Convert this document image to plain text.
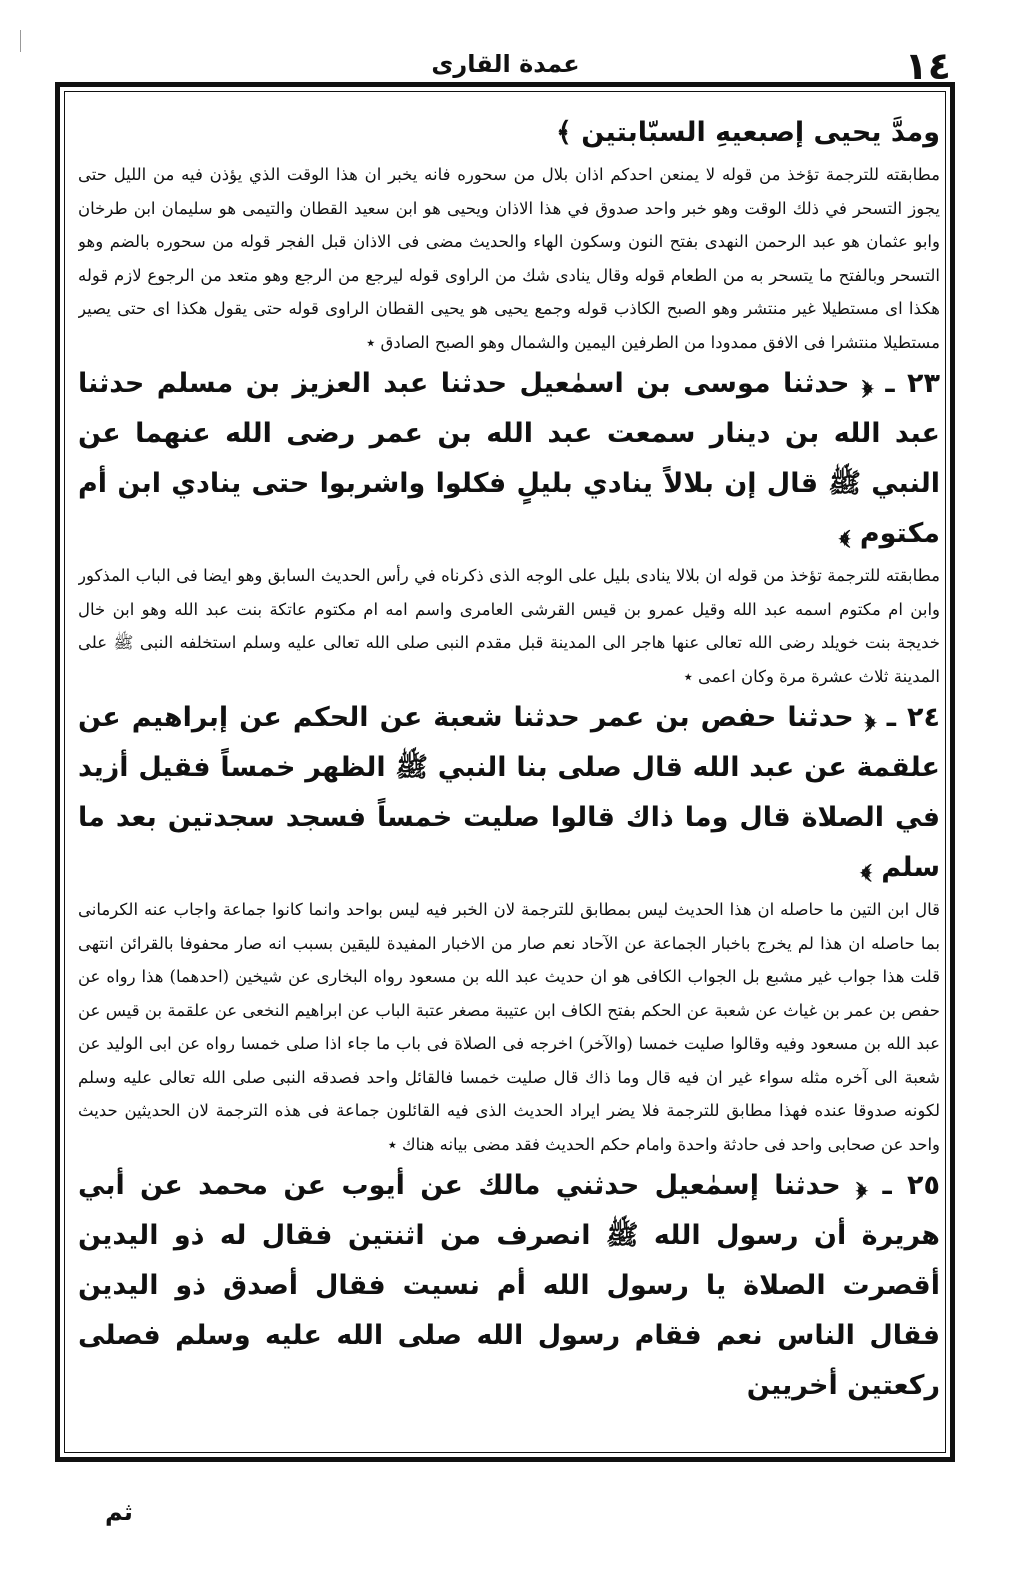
١٤
عمدة القاری

ومدَّ يحيى إصبعيهِ السبّابتين ﴾

مطابقته للترجمة تؤخذ من قوله لا يمنعن احدكم اذان بلال من سحوره فانه يخبر ان هذا الوقت الذي يؤذن فيه من الليل حتى يجوز التسحر في ذلك الوقت وهو خبر واحد صدوق في هذا الاذان ويحيى هو ابن سعيد القطان والتيمى هو سليمان ابن طرخان وابو عثمان هو عبد الرحمن النهدى بفتح النون وسكون الهاء والحديث مضى فى الاذان قبل الفجر قوله من سحوره بالضم وهو التسحر وبالفتح ما يتسحر به من الطعام قوله وقال ينادى شك من الراوى قوله ليرجع من الرجع وهو متعد من الرجوع لازم قوله هكذا اى مستطيلا غير منتشر وهو الصبح الكاذب قوله وجمع يحيى هو يحيى القطان الراوى قوله حتى يقول هكذا اى حتى يصير مستطيلا منتشرا فى الافق ممدودا من الطرفين اليمين والشمال وهو الصبح الصادق ٭

٢٣ ـ ﴿ حدثنا موسى بن اسمٰعيل حدثنا عبد العزيز بن مسلم حدثنا عبد الله بن دينار سمعت عبد الله بن عمر رضى الله عنهما عن النبي ﷺ قال إن بلالاً ينادي بليلٍ فكلوا واشربوا حتى ينادي ابن أم مكتوم ﴾

مطابقته للترجمة تؤخذ من قوله ان بلالا ينادى بليل على الوجه الذى ذكرناه في رأس الحديث السابق وهو ايضا فى الباب المذكور وابن ام مكتوم اسمه عبد الله وقيل عمرو بن قيس القرشى العامرى واسم امه ام مكتوم عاتكة بنت عبد الله وهو ابن خال خديجة بنت خويلد رضى الله تعالى عنها هاجر الى المدينة قبل مقدم النبى صلى الله تعالى عليه وسلم استخلفه النبى ﷺ على المدينة ثلاث عشرة مرة وكان اعمى ٭

٢٤ ـ ﴿ حدثنا حفص بن عمر حدثنا شعبة عن الحكم عن إبراهيم عن علقمة عن عبد الله قال صلى بنا النبي ﷺ الظهر خمساً فقيل أزيد في الصلاة قال وما ذاك قالوا صليت خمساً فسجد سجدتين بعد ما سلم ﴾

قال ابن التين ما حاصله ان هذا الحديث ليس بمطابق للترجمة لان الخبر فيه ليس بواحد وانما كانوا جماعة واجاب عنه الكرمانى بما حاصله ان هذا لم يخرج باخبار الجماعة عن الآحاد نعم صار من الاخبار المفيدة لليقين بسبب انه صار محفوفا بالقرائن انتهى قلت هذا جواب غير مشبع بل الجواب الكافى هو ان حديث عبد الله بن مسعود رواه البخارى عن شيخين (احدهما) هذا رواه عن حفص بن عمر بن غياث عن شعبة عن الحكم بفتح الكاف ابن عتيبة مصغر عتبة الباب عن ابراهيم النخعى عن علقمة بن قيس عن عبد الله بن مسعود وفيه وقالوا صليت خمسا (والآخر) اخرجه فى الصلاة فى باب ما جاء اذا صلى خمسا رواه عن ابى الوليد عن شعبة الى آخره مثله سواء غير ان فيه قال وما ذاك قال صليت خمسا فالقائل واحد فصدقه النبى صلى الله تعالى عليه وسلم لكونه صدوقا عنده فهذا مطابق للترجمة فلا يضر ايراد الحديث الذى فيه القائلون جماعة فى هذه الترجمة لان الحديثين حديث واحد عن صحابى واحد فى حادثة واحدة وامام حكم الحديث فقد مضى بيانه هناك ٭

٢٥ ـ ﴿ حدثنا إسمٰعيل حدثني مالك عن أيوب عن محمد عن أبي هريرة أن رسول الله ﷺ انصرف من اثنتين فقال له ذو اليدين أقصرت الصلاة يا رسول الله أم نسيت فقال أصدق ذو اليدين فقال الناس نعم فقام رسول الله صلى الله عليه وسلم فصلى ركعتين أخريين

ثم
